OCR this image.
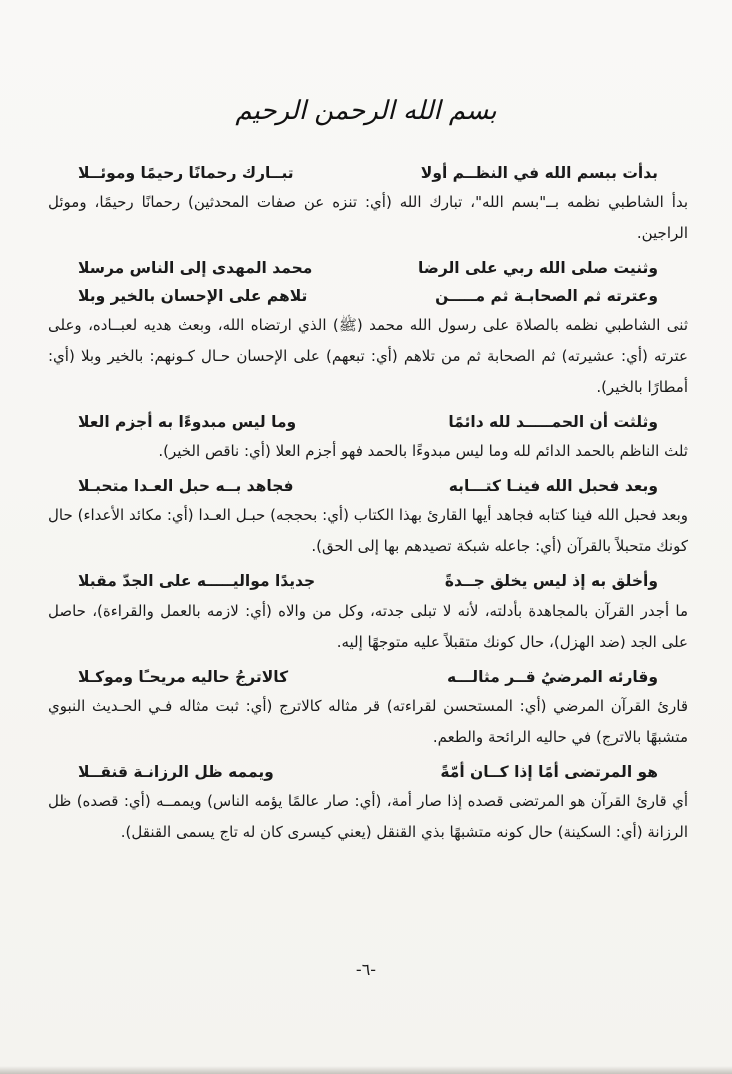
بسم الله الرحمن الرحيم
بدأت ببسم الله في النظــم أولا
تبــارك رحمانًا رحيمًا وموئــلا

بدأ الشاطبي نظمه بــ"بسم الله"، تبارك الله (أي: تنزه عن صفات المحدثين) رحمانًا رحيمًا، وموئل الراجين.

وثنيت صلى الله ربي على الرضا
محمد المهدى إلى الناس مرسلا
وعترته ثم الصحابـة ثم مـــــن
تلاهم على الإحسان بالخير وبلا

ثنى الشاطبي نظمه بالصلاة على رسول الله محمد (ﷺ) الذي ارتضاه الله، وبعث هديه لعبــاده، وعلى عترته (أي: عشيرته) ثم الصحابة ثم من تلاهم (أي: تبعهم) على الإحسان حـال كـونهم: بالخير وبلا (أي: أمطارًا بالخير).

وثلثت أن الحمـــــد لله دائمًا
وما ليس مبدوءًا به أجزم العلا

ثلث الناظم بالحمد الدائم لله وما ليس مبدوءًا بالحمد فهو أجزم العلا (أي: ناقص الخير).

وبعد فحبل الله فينـا كتـــابه
فجاهد بــه حبل العـدا متحبـلا

وبعد فحبل الله فينا كتابه فجاهد أيها القارئ بهذا الكتاب (أي: بحججه) حبـل العـدا (أي: مكائد الأعداء) حال كونك متحبلاً بالقرآن (أي: جاعله شبكة تصيدهم بها إلى الحق).

وأخلق به إذ ليس يخلق جــدةً
جديدًا مواليـــــه على الجدّ مقبلا

ما أجدر القرآن بالمجاهدة بأدلته، لأنه لا تبلى جدته، وكل من والاه (أي: لازمه بالعمل والقراءة)، حاصل على الجد (ضد الهزل)، حال كونك متقبلاً عليه متوجهًا إليه.

وقارئه المرضيُ قــر مثالـــه
كالاترجُ حاليه مريحـًا وموكـلا

قارئ القرآن المرضي (أي: المستحسن لقراءته) قر مثاله كالاترج (أي: ثبت مثاله فـي الحـديث النبوي متشبهًا بالاترج) في حاليه الرائحة والطعم.

هو المرتضى أمًا إذا كــان أمّةً
ويممه ظل الرزانـة قنقــلا

أي قارئ القرآن هو المرتضى قصده إذا صار أمة، (أي: صار عالمًا يؤمه الناس) ويممــه (أي: قصده) ظل الرزانة (أي: السكينة) حال كونه متشبهًا بذي القنقل (يعني كيسرى كان له تاج يسمى القنقل).

-٦-
